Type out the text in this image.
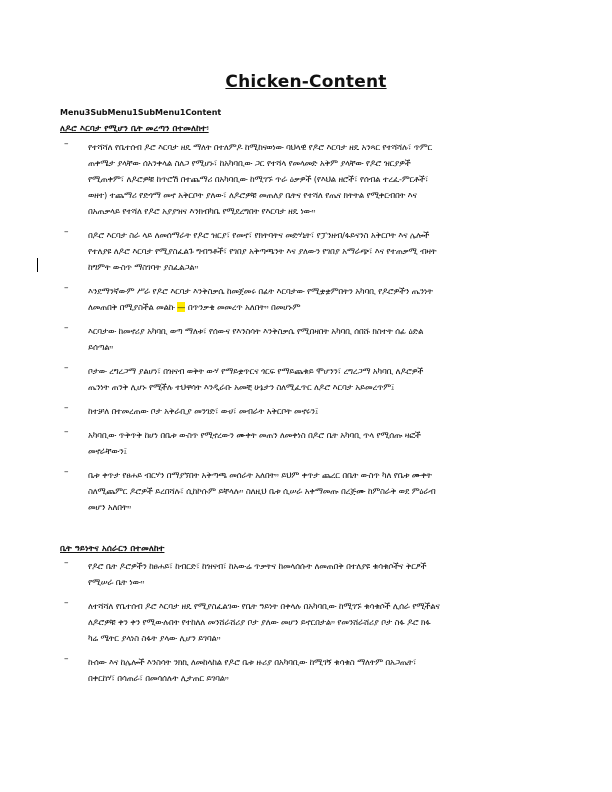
Chicken-Content
Menu3SubMenu1SubMenu1Content
ለዶሮ እርባታ የሚሆን ቤት መረጣን በተመለከተ፡
– የተሻሻለ የቤተሰብ ዶሮ እርባታ ዘዴ ማለት በተለምዶ ከሚከናወነው ባህላዊ የዶሮ እርባታ ዘዴ አንጻር የተሻሻሉ፣ ጥምር
ጠቀሜታ ያላቸው ሰአንቀላል ስለጋ የሚሆኑ፣ ከአካባቢው ጋር የተሻላ የመላመድ አቅም ያላቸው የዶሮ ዝርያዎች
የሚጠቀም፣ ለዶሮዎቹ ከጥሮሽ በተጨማሪ በአካባቢው ከሚገኙ ጥራ ዕቃዎች (የእህል ዘሮች፣ የሰብል ተረፈ-ምርቶች፣
ወዘተ) ተጨማሪ የድጎማ መኖ አቅርቦት ያለው፣ ለዶሮዎቹ መጠለያ ቤትና የተሻለ የጤና ክትትል የሚቀርብበት እና
በአጠቃላይ የተሻለ የዶሮ አያያዝና እንክብካቤ የሚደረግበት የእርባታ ዘዴ ነው።
– በዶሮ እርባታ ስራ ላይ ለመሰማራት የዶሮ ዝርያ፣ የመኖ፣ የክትባትና መድሃኒት፣ የፓንዘብ/ፋይናንስ አቅርቦት እና ሌሎች
የተለያዩ ለዶሮ እርባታ የሚያስፈልጉ ግብዓቶች፣ የገበያ አቅጣጫንት እና ያለውን የገበያ አማራጭ፣ እና የተጠቃሚ ብዛት
ከግምት ውስጥ ማስገባት ያስፈልጋል።
– እንደማንኛውም ሥራ የዶሮ እርባታ እንቅስቃሴ ከመጀመሩ በፊት እርባታው የሚቋቋምበትን አካባቢ የዶሮዎችን ጤንነት
ለመጠበቅ በሚያስችል መልኩ — በጥንቃቄ መመረጥ አለበት። በመሆኑም
– እርባታው ከመኖሪያ አካባቢ ወጣ ማለቱ፣ የሰውና የእንስሳት እንቅስቃሴ የሚበዛበት አካባቢ ሰበሹ ክስተት ሰፊ ዕድል
ይሰጣል።
– ቦታው ረግረጋማ ያልሆነ፣ በዝናብ ወቅት ውሃ የማይቋጥርና ጎርፍ የማይጨቁይ ሞሆንን፣ ረግረጋማ አካባቢ ለዶሮዎች
ጤንነት ጠንቅ ሊሆኑ የሚችሉ ተህዋሳት እንዲራቡ አመቺ ሁኔታን ስለሚፈጥር ለዶሮ እርባታ አይመረጥም፤
– ከተቻለ በተመረጠው ቦታ አቅራቢያ መንገድ፣ ውሀ፣ መብራት አቅርቦት መኖሩን፤
– አካባቢው ጥቅጥቅ ከሆነ በቤቱ ውስጥ የሚኖረውን ሙቀት መጠን ለመቀነስ በዶሮ ቤት አካባቢ ጥላ የሚሰጡ ዛፎች
መኖራቸውን፤
– ቤቱ ቀጥታ የፀሐይ ብርሃን በማያኘበት አቅጣጫ መሰራት አለበት። ይህም ቀጥታ ጨረር በቤት ውስጥ ካለ የቤቱ ሙቀት
ስለሚጨምር ዶሮዎች ይረበሻሉ፣ ሲከኮሱም ይቸላሉ። ስለዚህ ቤቱ ሲሠራ አቀማመጡ በረጅሙ ከምስራቅ ወደ ምዕራብ
መሆን አለበት።
ቤት ዓይነትና አሰራርን በተመለከተ
– የዶሮ ቤት ዶሮዎችን ከፀሐይ፣ ከብርድ፣ ከዝናብ፣ ከአውሬ ጥቃትና ከመላሰሱት ለመጠበቅ በተለያዩ ቁሳቁሶችና ቅርፆች
የሚሠራ ቤት ነው።
– ለተሻሻለ የቤተሰብ ዶሮ እርባታ ዘዴ የሚያስፈልገው የቤት ዓይነት በቀላሉ በአካባቢው ከሚገኙ ቁሳቁሶች ሊሰራ የሚችልና
ለዶሮዎቹ ቀን ቀን የሚውሉበት የተከለለ መንሸራሸሪያ ቦታ ያለው መሆን ይኖርበታል። የመንሸራሸሪያ ቦታ ስፋ ዶሮ ክፋ
ካሬ ሜትር ያላነስ ስፋት ያላው ሊሆን ይገባል።
– ኩሰው እና ከሌሎች እንስሳት ንክኪ ለመከላከል የዶሮ ቤቱ ዙሪያ በአካባቢው ከሚገኝ ቁሳቁስ ማለትም በአጋጤት፣
በቀርከሃ፣ በሳጠራ፣ በመሳሰሉት ሊታጠር ይገባል።
